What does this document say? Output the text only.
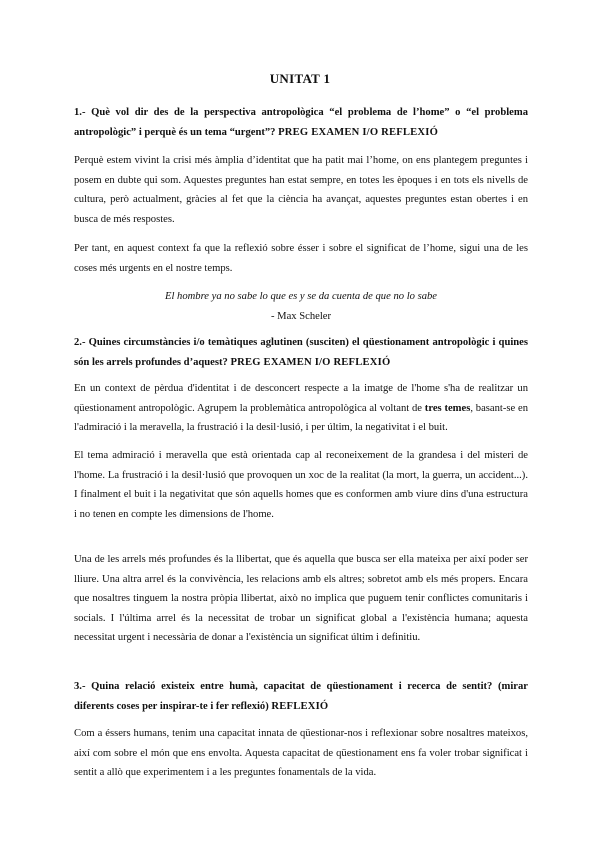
UNITAT 1
1.- Què vol dir des de la perspectiva antropològica “el problema de l’home” o “el problema antropològic” i perquè és un tema “urgent”? PREG EXAMEN I/O REFLEXIÓ
Perquè estem vivint la crisi més àmplia d’identitat que ha patit mai l’home, on ens plantegem preguntes i posem en dubte qui som. Aquestes preguntes han estat sempre, en totes les èpoques i en tots els nivells de cultura, però actualment, gràcies al fet que la ciència ha avançat, aquestes preguntes estan obertes i en busca de més respostes.
Per tant, en aquest context fa que la reflexió sobre ésser i sobre el significat de l’home, sigui una de les coses més urgents en el nostre temps.
El hombre ya no sabe lo que es y se da cuenta de que no lo sabe
- Max Scheler
2.- Quines circumstàncies i/o temàtiques aglutinen (susciten) el qüestionament antropològic i quines són les arrels profundes d’aquest? PREG EXAMEN I/O REFLEXIÓ
En un context de pèrdua d'identitat i de desconcert respecte a la imatge de l'home s'ha de realitzar un qüestionament antropològic. Agrupem la problemàtica antropològica al voltant de tres temes, basant-se en l'admiració i la meravella, la frustració i la desil·lusió, i per últim, la negativitat i el buit.
El tema admiració i meravella que està orientada cap al reconeixement de la grandesa i del misteri de l'home. La frustració i la desil·lusió que provoquen un xoc de la realitat (la mort, la guerra, un accident...). I finalment el buit i la negativitat que són aquells homes que es conformen amb viure dins d'una estructura i no tenen en compte les dimensions de l'home.
Una de les arrels més profundes és la llibertat, que és aquella que busca ser ella mateixa per així poder ser lliure. Una altra arrel és la convivència, les relacions amb els altres; sobretot amb els més propers. Encara que nosaltres tinguem la nostra pròpia llibertat, això no implica que puguem tenir conflictes comunitaris i socials. I l'última arrel és la necessitat de trobar un significat global a l'existència humana; aquesta necessitat urgent i necessària de donar a l'existència un significat últim i definitiu.
3.- Quina relació existeix entre humà, capacitat de qüestionament i recerca de sentit? (mirar diferents coses per inspirar-te i fer reflexió) REFLEXIÓ
Com a éssers humans, tenim una capacitat innata de qüestionar-nos i reflexionar sobre nosaltres mateixos, així com sobre el món que ens envolta. Aquesta capacitat de qüestionament ens fa voler trobar significat i sentit a allò que experimentem i a les preguntes fonamentals de la vida.
